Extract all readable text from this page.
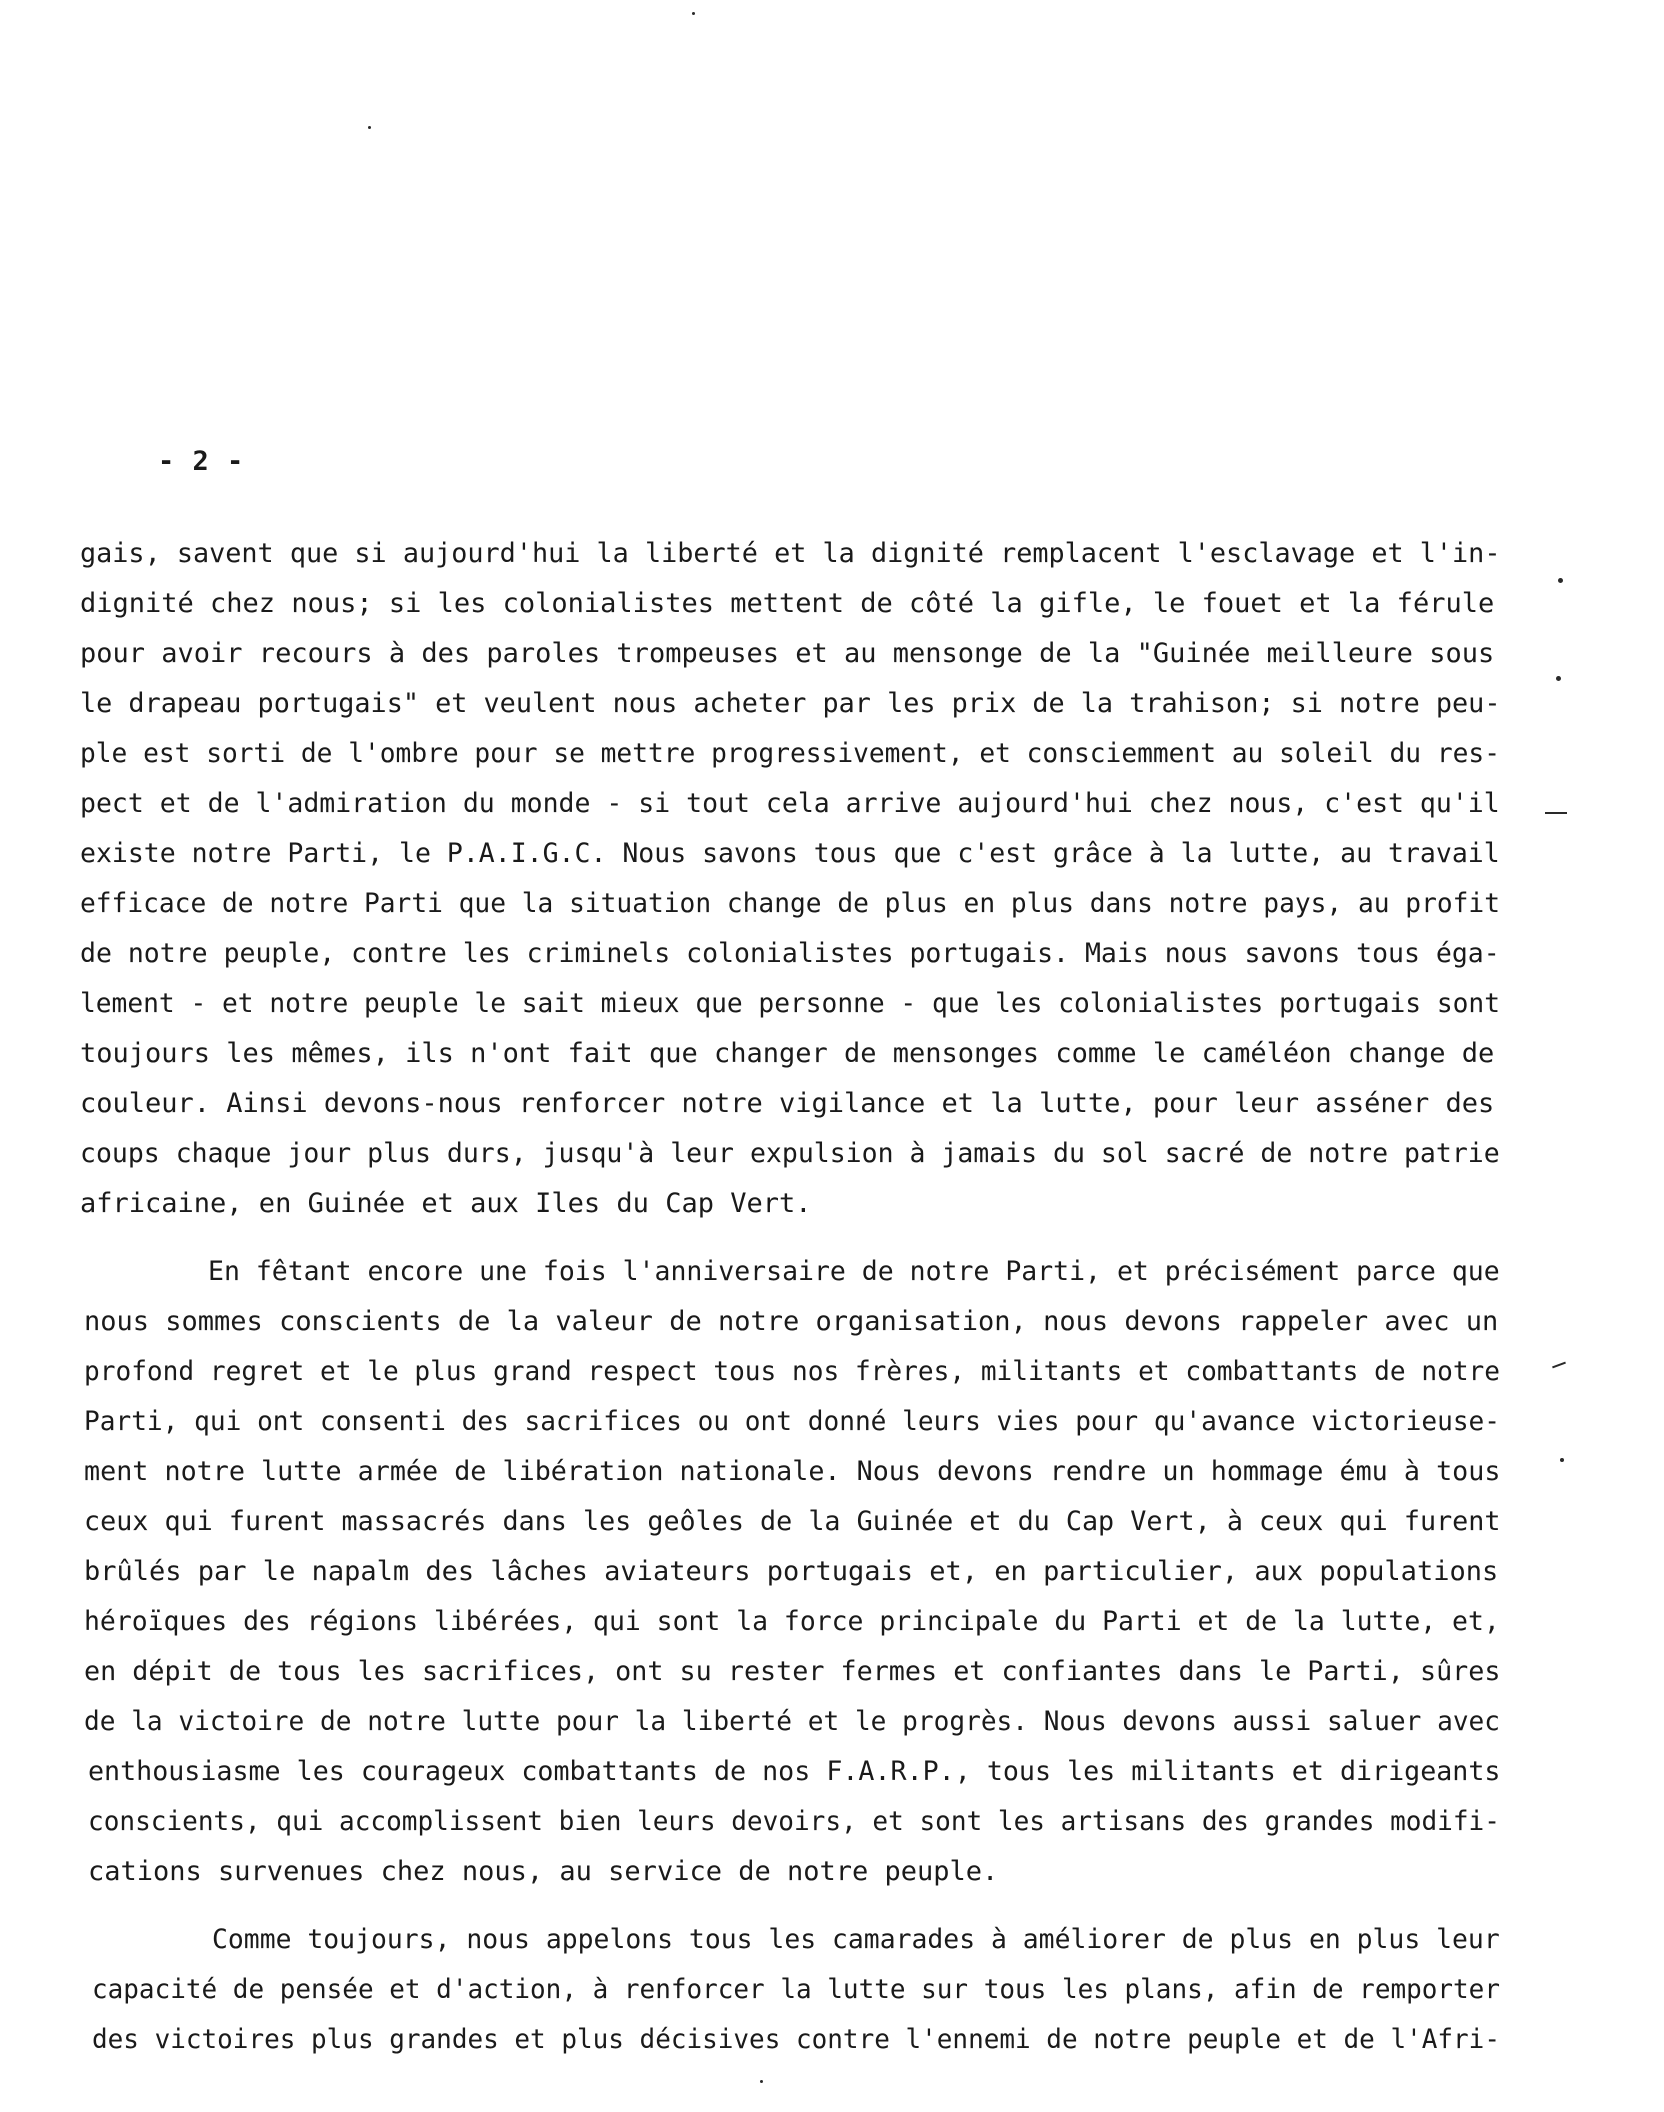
- 2 -
gais, savent que si aujourd'hui la liberté et la dignité remplacent l'esclavage et l'in-
dignité chez nous; si les colonialistes mettent de côté la gifle, le fouet et la férule
pour avoir recours à des paroles trompeuses et au mensonge de la "Guinée meilleure sous
le drapeau portugais" et veulent nous acheter par les prix de la trahison; si notre peu-
ple est sorti de l'ombre pour se mettre progressivement, et consciemment au soleil du res-
pect et de l'admiration du monde - si tout cela arrive aujourd'hui chez nous, c'est qu'il
existe notre Parti, le P.A.I.G.C. Nous savons tous que c'est grâce à la lutte, au travail
efficace de notre Parti que la situation change de plus en plus dans notre pays, au profit
de notre peuple, contre les criminels colonialistes portugais. Mais nous savons tous éga-
lement - et notre peuple le sait mieux que personne - que les colonialistes portugais sont
toujours les mêmes, ils n'ont fait que changer de mensonges comme le caméléon change de
couleur. Ainsi devons-nous renforcer notre vigilance et la lutte, pour leur asséner des
coups chaque jour plus durs, jusqu'à leur expulsion à jamais du sol sacré de notre patrie
africaine, en Guinée et aux Iles du Cap Vert.
En fêtant encore une fois l'anniversaire de notre Parti, et précisément parce que
nous sommes conscients de la valeur de notre organisation, nous devons rappeler avec un
profond regret et le plus grand respect tous nos frères, militants et combattants de notre
Parti, qui ont consenti des sacrifices ou ont donné leurs vies pour qu'avance victorieuse-
ment notre lutte armée de libération nationale. Nous devons rendre un hommage ému à tous
ceux qui furent massacrés dans les geôles de la Guinée et du Cap Vert, à ceux qui furent
brûlés par le napalm des lâches aviateurs portugais et, en particulier, aux populations
héroïques des régions libérées, qui sont la force principale du Parti et de la lutte, et,
en dépit de tous les sacrifices, ont su rester fermes et confiantes dans le Parti, sûres
de la victoire de notre lutte pour la liberté et le progrès. Nous devons aussi saluer avec
enthousiasme les courageux combattants de nos F.A.R.P., tous les militants et dirigeants
conscients, qui accomplissent bien leurs devoirs, et sont les artisans des grandes modifi-
cations survenues chez nous, au service de notre peuple.
Comme toujours, nous appelons tous les camarades à améliorer de plus en plus leur
capacité de pensée et d'action, à renforcer la lutte sur tous les plans, afin de remporter
des victoires plus grandes et plus décisives contre l'ennemi de notre peuple et de l'Afri-
